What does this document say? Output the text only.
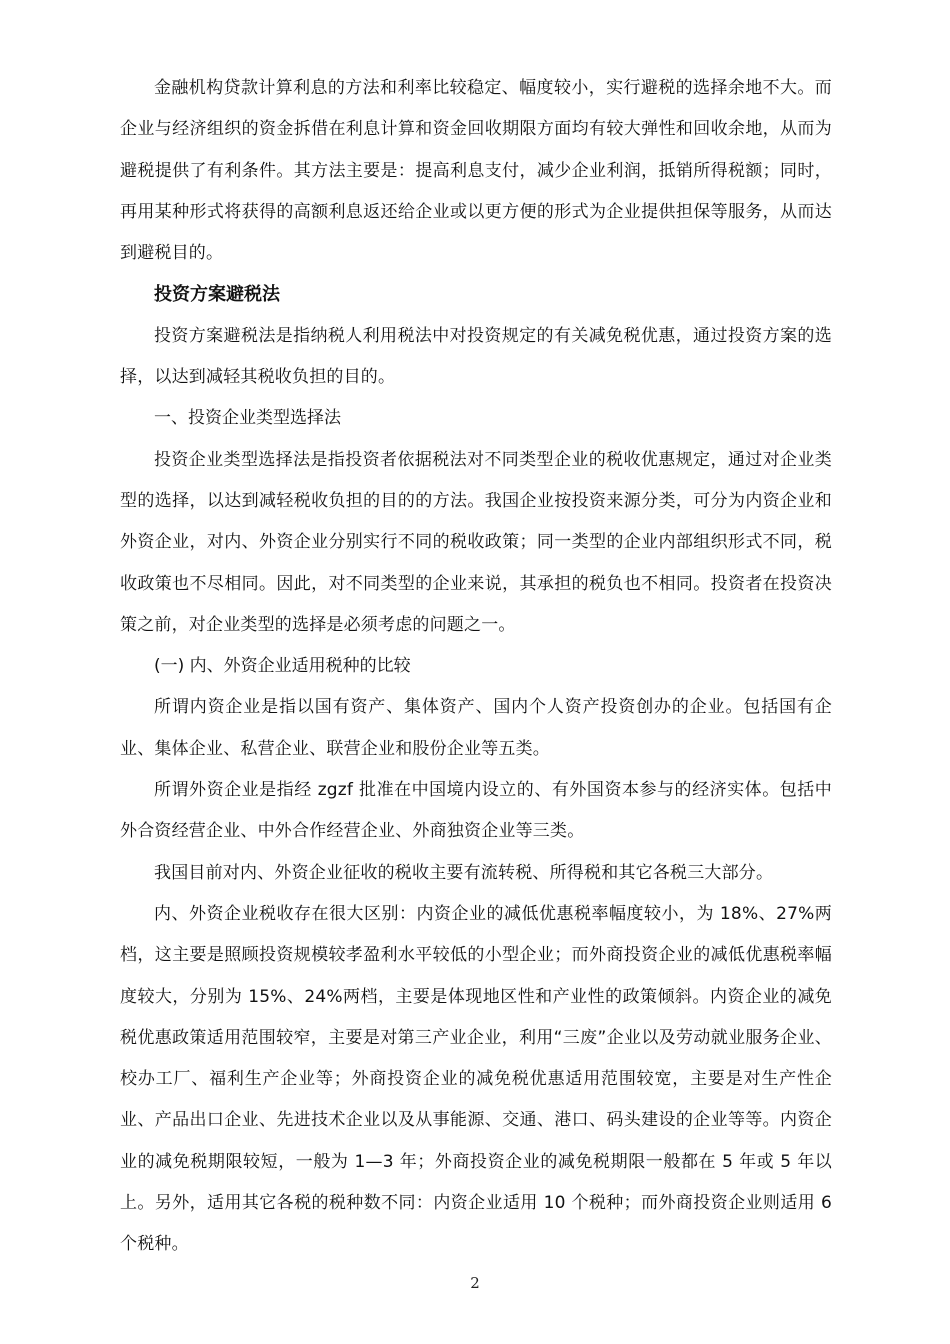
金融机构贷款计算利息的方法和利率比较稳定、幅度较小，实行避税的选择余地不大。而企业与经济组织的资金拆借在利息计算和资金回收期限方面均有较大弹性和回收余地，从而为避税提供了有利条件。其方法主要是：提高利息支付，减少企业利润，抵销所得税额；同时，再用某种形式将获得的高额利息返还给企业或以更方便的形式为企业提供担保等服务，从而达到避税目的。

投资方案避税法

投资方案避税法是指纳税人利用税法中对投资规定的有关减免税优惠，通过投资方案的选择，以达到减轻其税收负担的目的。

一、投资企业类型选择法

投资企业类型选择法是指投资者依据税法对不同类型企业的税收优惠规定，通过对企业类型的选择，以达到减轻税收负担的目的的方法。我国企业按投资来源分类，可分为内资企业和外资企业，对内、外资企业分别实行不同的税收政策；同一类型的企业内部组织形式不同，税收政策也不尽相同。因此，对不同类型的企业来说，其承担的税负也不相同。投资者在投资决策之前，对企业类型的选择是必须考虑的问题之一。

(一) 内、外资企业适用税种的比较

所谓内资企业是指以国有资产、集体资产、国内个人资产投资创办的企业。包括国有企业、集体企业、私营企业、联营企业和股份企业等五类。

所谓外资企业是指经 zgzf 批准在中国境内设立的、有外国资本参与的经济实体。包括中外合资经营企业、中外合作经营企业、外商独资企业等三类。

我国目前对内、外资企业征收的税收主要有流转税、所得税和其它各税三大部分。

内、外资企业税收存在很大区别：内资企业的减低优惠税率幅度较小，为 18%、27%两档，这主要是照顾投资规模较孝盈利水平较低的小型企业；而外商投资企业的减低优惠税率幅度较大，分别为 15%、24%两档，主要是体现地区性和产业性的政策倾斜。内资企业的减免税优惠政策适用范围较窄，主要是对第三产业企业，利用“三废”企业以及劳动就业服务企业、校办工厂、福利生产企业等；外商投资企业的减免税优惠适用范围较宽，主要是对生产性企业、产品出口企业、先进技术企业以及从事能源、交通、港口、码头建设的企业等等。内资企业的减免税期限较短，一般为 1—3 年；外商投资企业的减免税期限一般都在 5 年或 5 年以上。另外，适用其它各税的税种数不同：内资企业适用 10 个税种；而外商投资企业则适用 6 个税种。

2
